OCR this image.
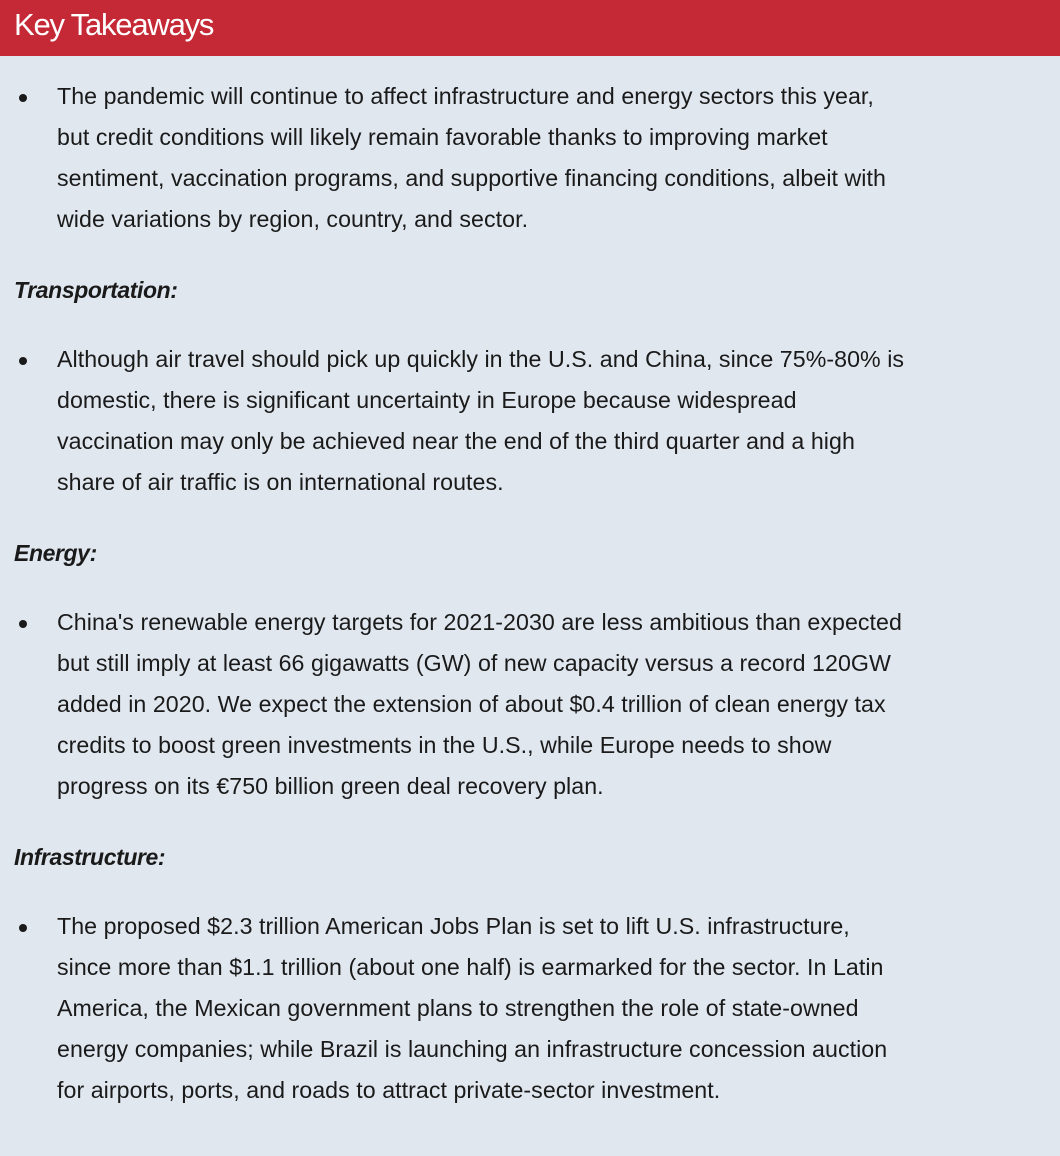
Key Takeaways
The pandemic will continue to affect infrastructure and energy sectors this year,
but credit conditions will likely remain favorable thanks to improving market
sentiment, vaccination programs, and supportive financing conditions, albeit with
wide variations by region, country, and sector.
Transportation:
Although air travel should pick up quickly in the U.S. and China, since 75%-80% is
domestic, there is significant uncertainty in Europe because widespread
vaccination may only be achieved near the end of the third quarter and a high
share of air traffic is on international routes.
Energy:
China's renewable energy targets for 2021-2030 are less ambitious than expected
but still imply at least 66 gigawatts (GW) of new capacity versus a record 120GW
added in 2020. We expect the extension of about $0.4 trillion of clean energy tax
credits to boost green investments in the U.S., while Europe needs to show
progress on its €750 billion green deal recovery plan.
Infrastructure:
The proposed $2.3 trillion American Jobs Plan is set to lift U.S. infrastructure,
since more than $1.1 trillion (about one half) is earmarked for the sector. In Latin
America, the Mexican government plans to strengthen the role of state-owned
energy companies; while Brazil is launching an infrastructure concession auction
for airports, ports, and roads to attract private-sector investment.
